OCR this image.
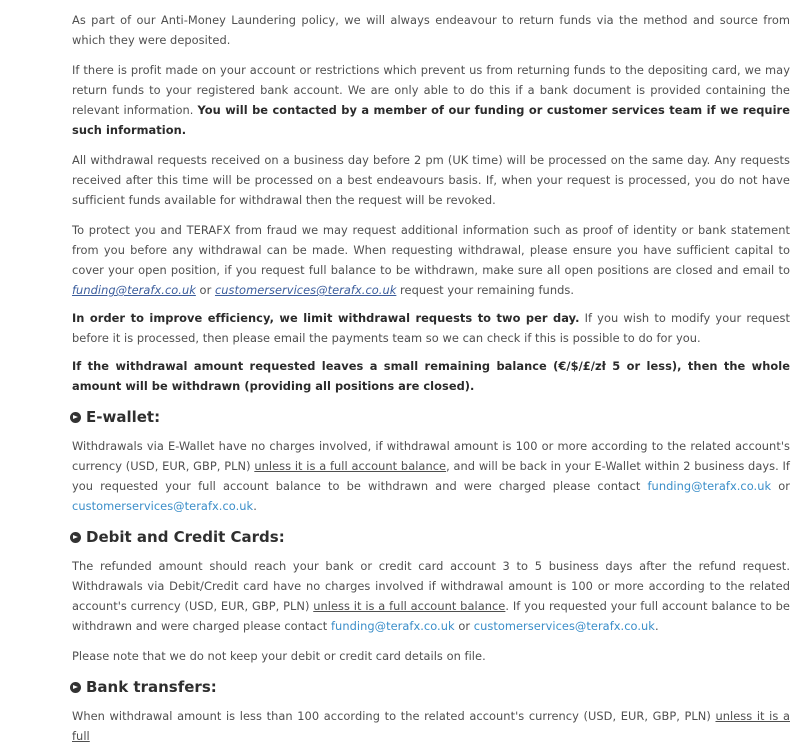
As part of our Anti-Money Laundering policy, we will always endeavour to return funds via the method and source from which they were deposited.

If there is profit made on your account or restrictions which prevent us from returning funds to the depositing card, we may return funds to your registered bank account. We are only able to do this if a bank document is provided containing the relevant information. You will be contacted by a member of our funding or customer services team if we require such information.

All withdrawal requests received on a business day before 2 pm (UK time) will be processed on the same day. Any requests received after this time will be processed on a best endeavours basis. If, when your request is processed, you do not have sufficient funds available for withdrawal then the request will be revoked.

To protect you and TERAFX from fraud we may request additional information such as proof of identity or bank statement from you before any withdrawal can be made. When requesting withdrawal, please ensure you have sufficient capital to cover your open position, if you request full balance to be withdrawn, make sure all open positions are closed and email to funding@terafx.co.uk or customerservices@terafx.co.uk request your remaining funds.

In order to improve efficiency, we limit withdrawal requests to two per day. If you wish to modify your request before it is processed, then please email the payments team so we can check if this is possible to do for you.

If the withdrawal amount requested leaves a small remaining balance (€/$/£/zł 5 or less), then the whole amount will be withdrawn (providing all positions are closed).

E-wallet:

Withdrawals via E-Wallet have no charges involved, if withdrawal amount is 100 or more according to the related account's currency (USD, EUR, GBP, PLN) unless it is a full account balance, and will be back in your E-Wallet within 2 business days. If you requested your full account balance to be withdrawn and were charged please contact funding@terafx.co.uk or customerservices@terafx.co.uk.

Debit and Credit Cards:

The refunded amount should reach your bank or credit card account 3 to 5 business days after the refund request. Withdrawals via Debit/Credit card have no charges involved if withdrawal amount is 100 or more according to the related account's currency (USD, EUR, GBP, PLN) unless it is a full account balance. If you requested your full account balance to be withdrawn and were charged please contact funding@terafx.co.uk or customerservices@terafx.co.uk.

Please note that we do not keep your debit or credit card details on file.

Bank transfers:

When withdrawal amount is less than 100 according to the related account's currency (USD, EUR, GBP, PLN) unless it is a full
